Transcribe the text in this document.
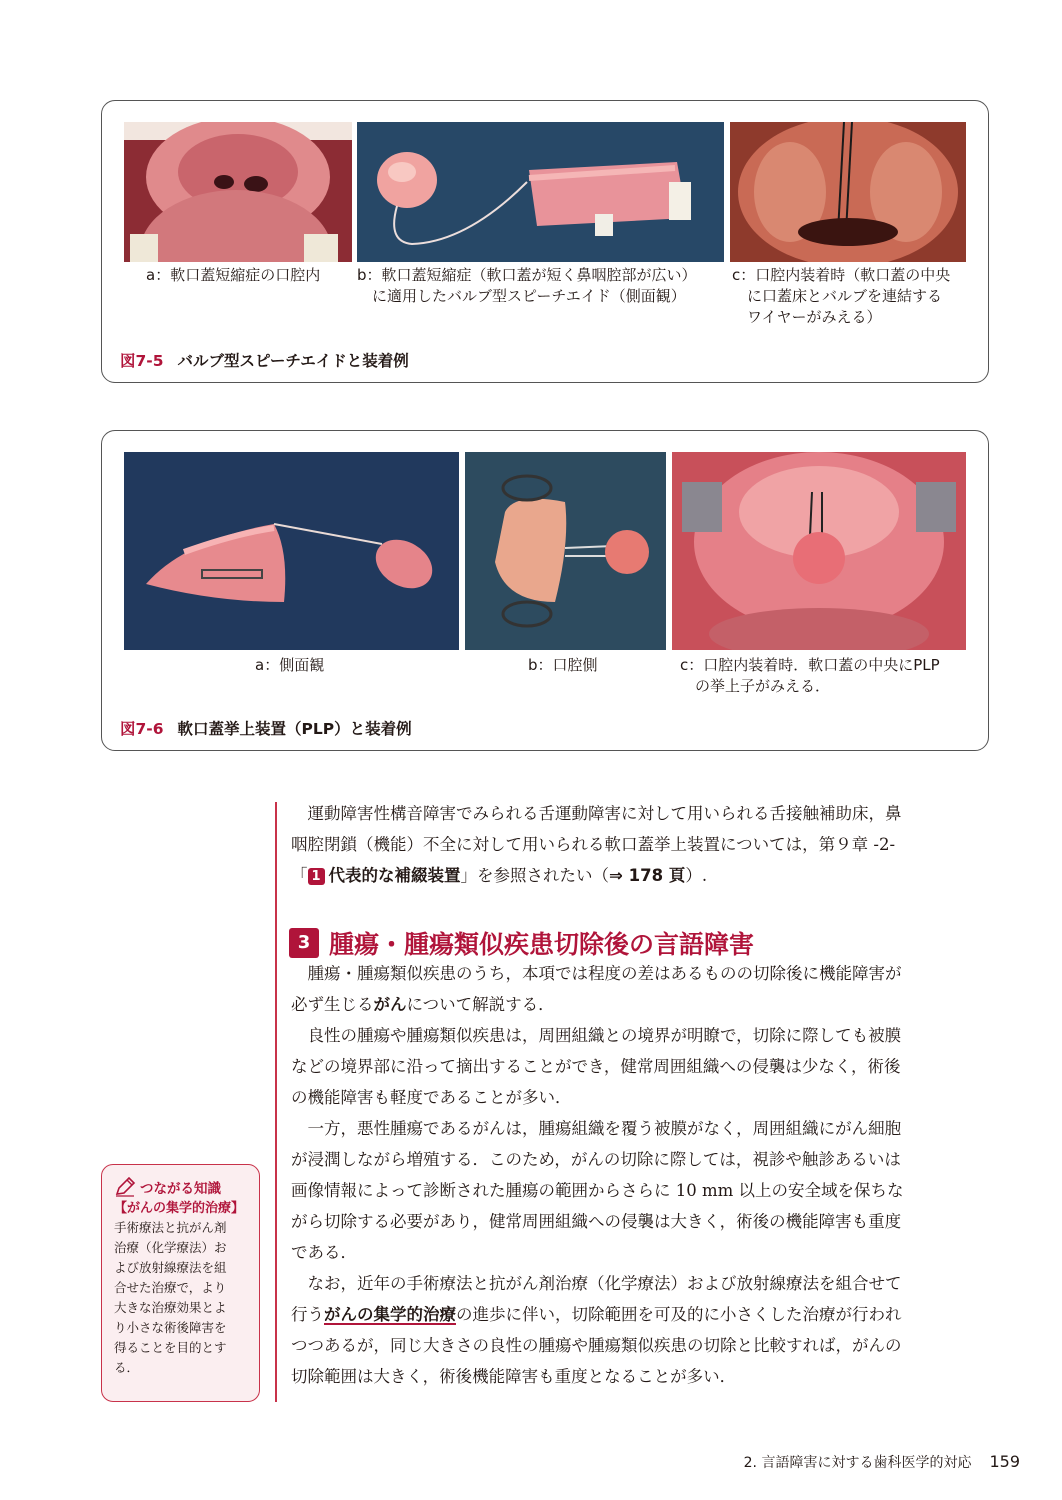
a：軟口蓋短縮症の口腔内 b：軟口蓋短縮症（軟口蓋が短く鼻咽腔部が広い）
　に適用したバルブ型スピーチエイド（側面観）
c：口腔内装着時（軟口蓋の中央
　に口蓋床とバルブを連結する
　ワイヤーがみえる）
図7-5 バルブ型スピーチエイドと装着例
a：側面観	b：口腔側	c：口腔内装着時．軟口蓋の中央にPLP
　の挙上子がみえる．
図7-6 軟口蓋挙上装置（PLP）と装着例

運動障害性構音障害でみられる舌運動障害に対して用いられる舌接触補助床，鼻

咽腔閉鎖（機能）不全に対して用いられる軟口蓋挙上装置については，第９章 -2-

「 1 代表的な補綴装置」を参照されたい（⇒ 178 頁）.

3 腫瘍・腫瘍類似疾患切除後の言語障害

腫瘍・腫瘍類似疾患のうち，本項では程度の差はあるものの切除後に機能障害が

必ず生じるがんについて解説する．

良性の腫瘍や腫瘍類似疾患は，周囲組織との境界が明瞭で，切除に際しても被膜

などの境界部に沿って摘出することができ，健常周囲組織への侵襲は少なく，術後

の機能障害も軽度であることが多い．

一方，悪性腫瘍であるがんは，腫瘍組織を覆う被膜がなく，周囲組織にがん細胞

が浸潤しながら増殖する．このため，がんの切除に際しては，視診や触診あるいは

画像情報によって診断された腫瘍の範囲からさらに 10 mm 以上の安全域を保ちな

がら切除する必要があり，健常周囲組織への侵襲は大きく，術後の機能障害も重度

である．

なお，近年の手術療法と抗がん剤治療（化学療法）および放射線療法を組合せて

行うがんの集学的治療の進歩に伴い，切除範囲を可及的に小さくした治療が行われ

つつあるが，同じ大きさの良性の腫瘍や腫瘍類似疾患の切除と比較すれば，がんの

切除範囲は大きく，術後機能障害も重度となることが多い．

つながる知識
【がんの集学的治療】
手術療法と抗がん剤
治療（化学療法）お
よび放射線療法を組
合せた治療で，より
大きな治療効果とよ
り小さな術後障害を
得ることを目的とす
る．
2. 言語障害に対する歯科医学的対応 159
